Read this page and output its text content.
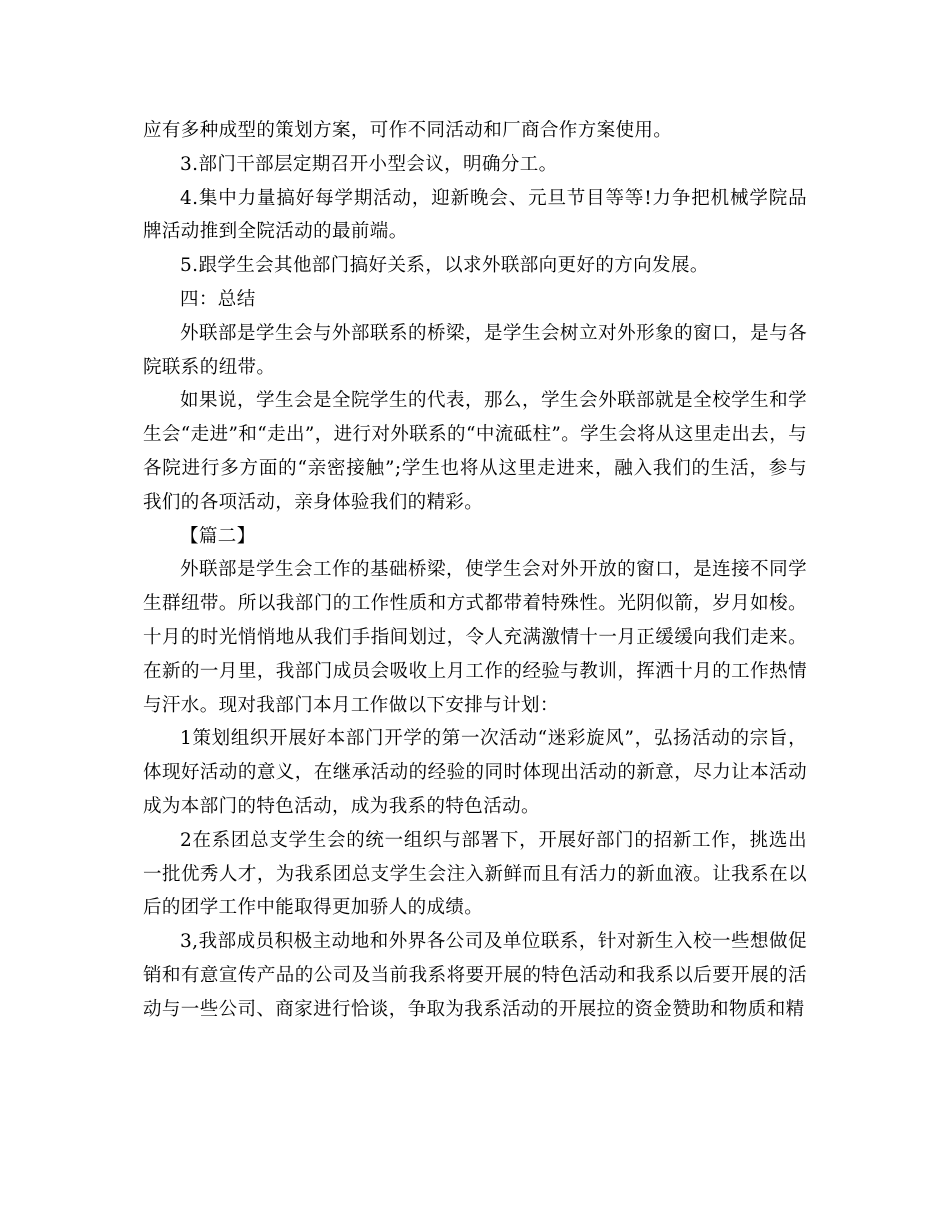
应有多种成型的策划方案，可作不同活动和厂商合作方案使用。

3.部门干部层定期召开小型会议，明确分工。

4.集中力量搞好每学期活动，迎新晚会、元旦节目等等!力争把机械学院品牌活动推到全院活动的最前端。

5.跟学生会其他部门搞好关系，以求外联部向更好的方向发展。

四：总结

外联部是学生会与外部联系的桥梁，是学生会树立对外形象的窗口，是与各院联系的纽带。

如果说，学生会是全院学生的代表，那么，学生会外联部就是全校学生和学生会“走进”和“走出”，进行对外联系的“中流砥柱”。学生会将从这里走出去，与各院进行多方面的“亲密接触”;学生也将从这里走进来，融入我们的生活，参与我们的各项活动，亲身体验我们的精彩。

【篇二】

外联部是学生会工作的基础桥梁，使学生会对外开放的窗口，是连接不同学生群纽带。所以我部门的工作性质和方式都带着特殊性。光阴似箭，岁月如梭。十月的时光悄悄地从我们手指间划过，令人充满激情十一月正缓缓向我们走来。在新的一月里，我部门成员会吸收上月工作的经验与教训，挥洒十月的工作热情与汗水。现对我部门本月工作做以下安排与计划：

1策划组织开展好本部门开学的第一次活动“迷彩旋风”，弘扬活动的宗旨，体现好活动的意义，在继承活动的经验的同时体现出活动的新意，尽力让本活动成为本部门的特色活动，成为我系的特色活动。

2在系团总支学生会的统一组织与部署下，开展好部门的招新工作，挑选出一批优秀人才，为我系团总支学生会注入新鲜而且有活力的新血液。让我系在以后的团学工作中能取得更加骄人的成绩。

3,我部成员积极主动地和外界各公司及单位联系，针对新生入校一些想做促销和有意宣传产品的公司及当前我系将要开展的特色活动和我系以后要开展的活动与一些公司、商家进行恰谈，争取为我系活动的开展拉的资金赞助和物质和精
